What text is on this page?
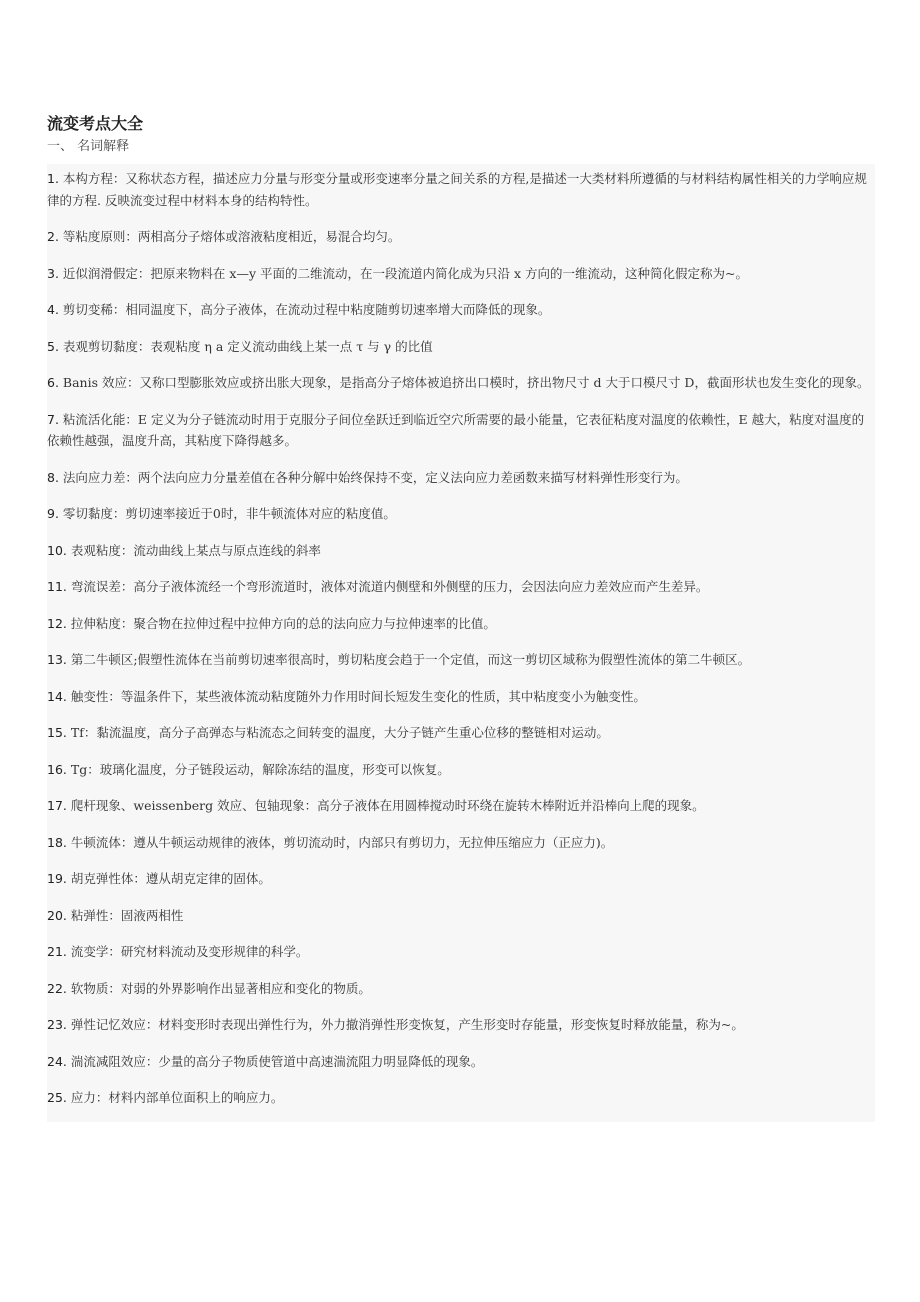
流变考点大全
一、 名词解释

1. 本构方程：又称状态方程，描述应力分量与形变分量或形变速率分量之间关系的方程,是描述一大类材料所遵循的与材料结构属性相关的力学响应规律的方程. 反映流变过程中材料本身的结构特性。

2. 等粘度原则：两相高分子熔体或溶液粘度相近，易混合均匀。

3. 近似润滑假定：把原来物料在 x—y 平面的二维流动，在一段流道内简化成为只沿 x 方向的一维流动，这种简化假定称为~。

4. 剪切变稀：相同温度下，高分子液体，在流动过程中粘度随剪切速率增大而降低的现象。

5. 表观剪切黏度：表观粘度 η a 定义流动曲线上某一点 τ 与 γ 的比值

6. Banis 效应：又称口型膨胀效应或挤出胀大现象，是指高分子熔体被追挤出口模时，挤出物尺寸 d 大于口模尺寸 D，截面形状也发生变化的现象。

7. 粘流活化能：E 定义为分子链流动时用于克服分子间位垒跃迁到临近空穴所需要的最小能量，它表征粘度对温度的依赖性，E 越大，粘度对温度的依赖性越强，温度升高，其粘度下降得越多。

8. 法向应力差：两个法向应力分量差值在各种分解中始终保持不变，定义法向应力差函数来描写材料弹性形变行为。

9. 零切黏度：剪切速率接近于0时，非牛顿流体对应的粘度值。

10. 表观粘度：流动曲线上某点与原点连线的斜率

11. 弯流误差：高分子液体流经一个弯形流道时，液体对流道内侧壁和外侧壁的压力，会因法向应力差效应而产生差异。

12. 拉伸粘度：聚合物在拉伸过程中拉伸方向的总的法向应力与拉伸速率的比值。

13. 第二牛顿区;假塑性流体在当前剪切速率很高时，剪切粘度会趋于一个定值，而这一剪切区域称为假塑性流体的第二牛顿区。

14. 触变性：等温条件下，某些液体流动粘度随外力作用时间长短发生变化的性质，其中粘度变小为触变性。

15. Tf：黏流温度，高分子高弹态与粘流态之间转变的温度，大分子链产生重心位移的整链相对运动。

16. Tg：玻璃化温度，分子链段运动，解除冻结的温度，形变可以恢复。

17. 爬杆现象、weissenberg 效应、包轴现象：高分子液体在用圆棒搅动时环绕在旋转木棒附近并沿棒向上爬的现象。

18. 牛顿流体：遵从牛顿运动规律的液体，剪切流动时，内部只有剪切力，无拉伸压缩应力（正应力)。

19. 胡克弹性体：遵从胡克定律的固体。

20. 粘弹性：固液两相性

21. 流变学：研究材料流动及变形规律的科学。

22. 软物质：对弱的外界影响作出显著相应和变化的物质。

23. 弹性记忆效应：材料变形时表现出弹性行为，外力撤消弹性形变恢复，产生形变时存能量，形变恢复时释放能量，称为~。

24. 湍流减阻效应：少量的高分子物质使管道中高速湍流阻力明显降低的现象。

25. 应力：材料内部单位面积上的响应力。
